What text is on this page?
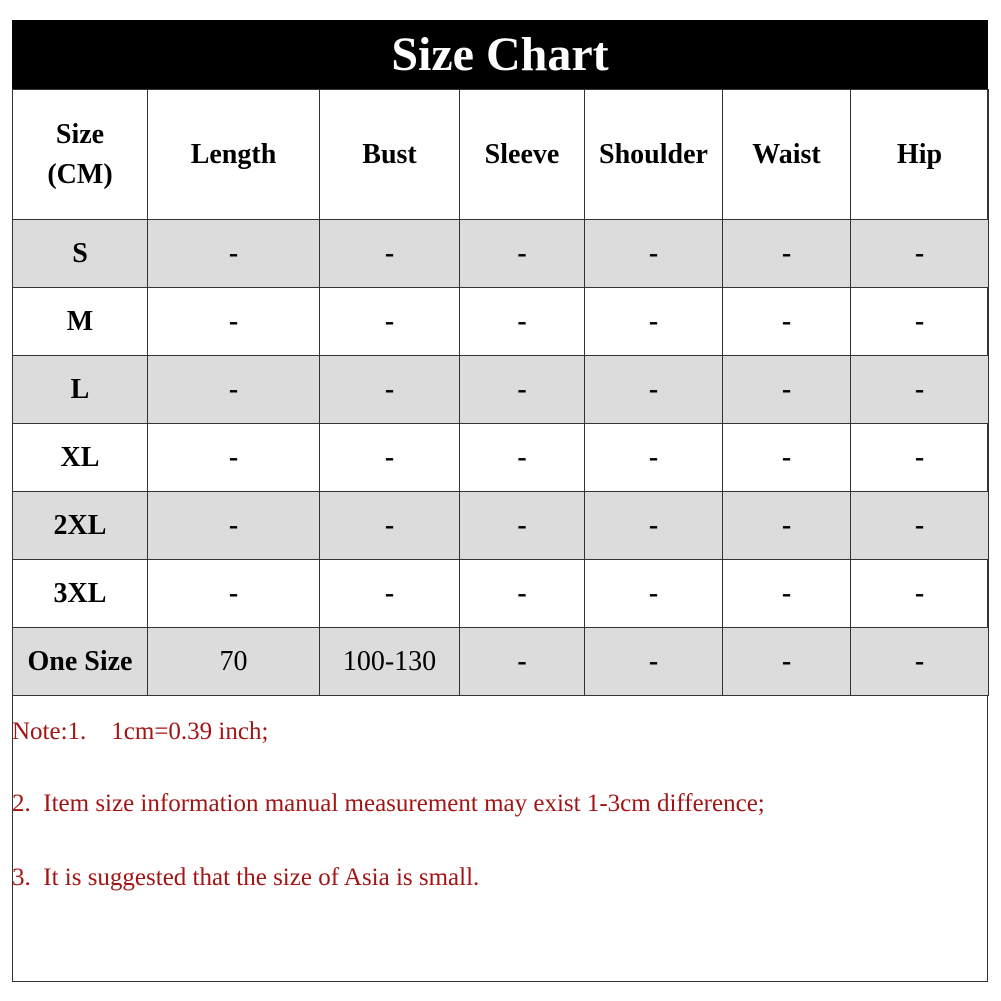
Size Chart
Size
(CM)	Length	Bust	Sleeve	Shoulder	Waist	Hip
S	-	-	-	-	-	-
M	-	-	-	-	-	-
L	-	-	-	-	-	-
XL	-	-	-	-	-	-
2XL	-	-	-	-	-	-
3XL	-	-	-	-	-	-
One Size	70	100-130	-	-	-	-
Note:1.    1cm=0.39 inch;
2.  Item size information manual measurement may exist 1-3cm difference;
3.  It is suggested that the size of Asia is small.
